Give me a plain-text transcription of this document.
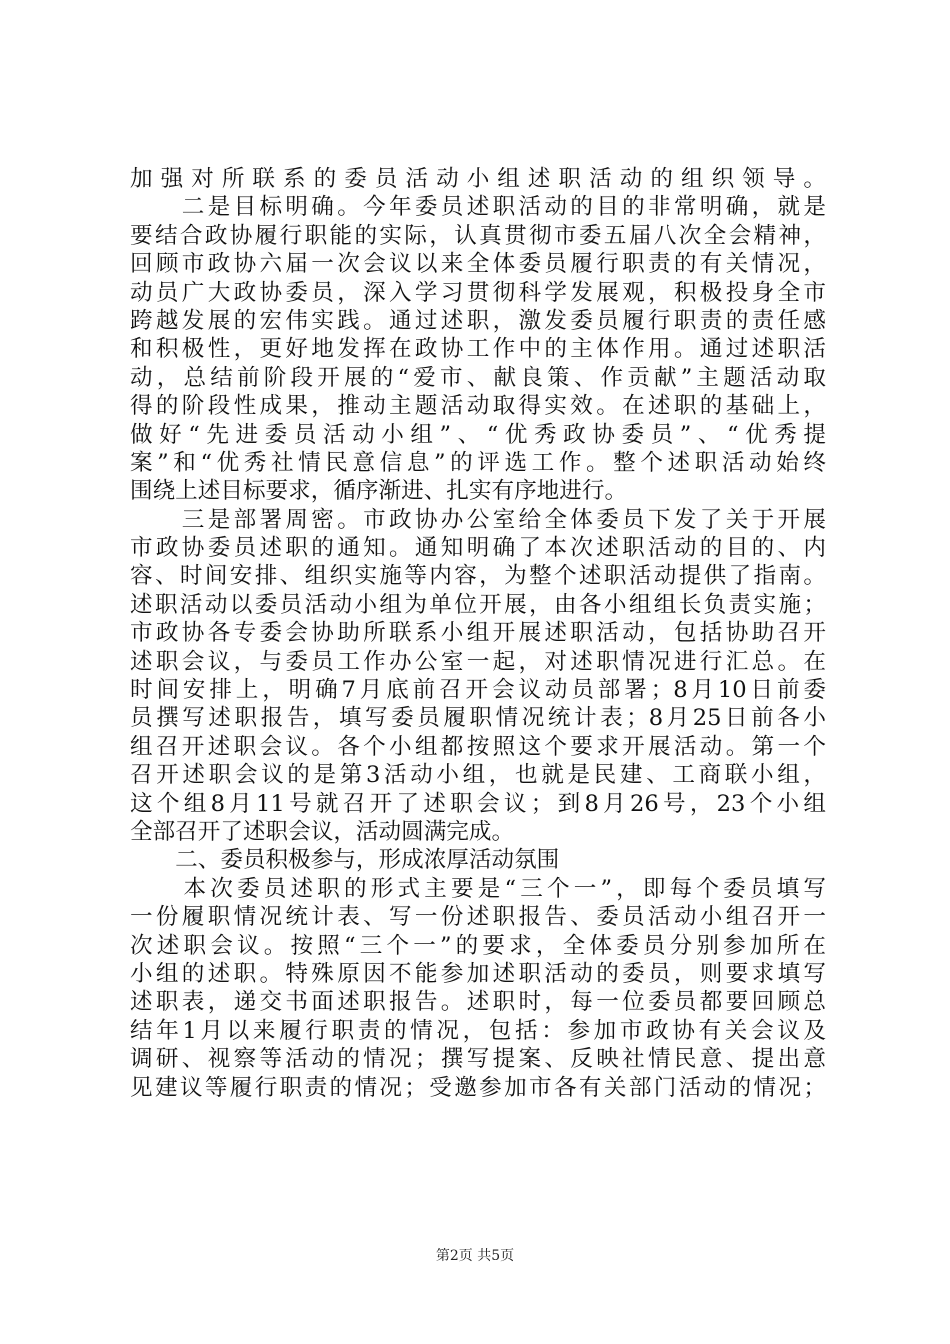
加强对所联系的委员活动小组述职活动的组织领导。
　　二是目标明确。今年委员述职活动的目的非常明确，就是
要结合政协履行职能的实际，认真贯彻市委五届八次全会精神，
回顾市政协六届一次会议以来全体委员履行职责的有关情况，
动员广大政协委员，深入学习贯彻科学发展观，积极投身全市
跨越发展的宏伟实践。通过述职，激发委员履行职责的责任感
和积极性，更好地发挥在政协工作中的主体作用。通过述职活
动，总结前阶段开展的“爱市、献良策、作贡献”主题活动取
得的阶段性成果，推动主题活动取得实效。在述职的基础上，
做好“先进委员活动小组”、“优秀政协委员”、“优秀提
案”和“优秀社情民意信息”的评选工作。整个述职活动始终
围绕上述目标要求，循序渐进、扎实有序地进行。
　　三是部署周密。市政协办公室给全体委员下发了关于开展
市政协委员述职的通知。通知明确了本次述职活动的目的、内
容、时间安排、组织实施等内容，为整个述职活动提供了指南。
述职活动以委员活动小组为单位开展，由各小组组长负责实施；
市政协各专委会协助所联系小组开展述职活动，包括协助召开
述职会议，与委员工作办公室一起，对述职情况进行汇总。在
时间安排上，明确7月底前召开会议动员部署；8月10日前委
员撰写述职报告，填写委员履职情况统计表；8月25日前各小
组召开述职会议。各个小组都按照这个要求开展活动。第一个
召开述职会议的是第3活动小组，也就是民建、工商联小组，
这个组8月11号就召开了述职会议；到8月26号，23个小组
全部召开了述职会议，活动圆满完成。
　　二、委员积极参与，形成浓厚活动氛围
　　本次委员述职的形式主要是“三个一”，即每个委员填写
一份履职情况统计表、写一份述职报告、委员活动小组召开一
次述职会议。按照“三个一”的要求，全体委员分别参加所在
小组的述职。特殊原因不能参加述职活动的委员，则要求填写
述职表，递交书面述职报告。述职时，每一位委员都要回顾总
结年1月以来履行职责的情况，包括：参加市政协有关会议及
调研、视察等活动的情况；撰写提案、反映社情民意、提出意
见建议等履行职责的情况；受邀参加市各有关部门活动的情况；
第2页 共5页
